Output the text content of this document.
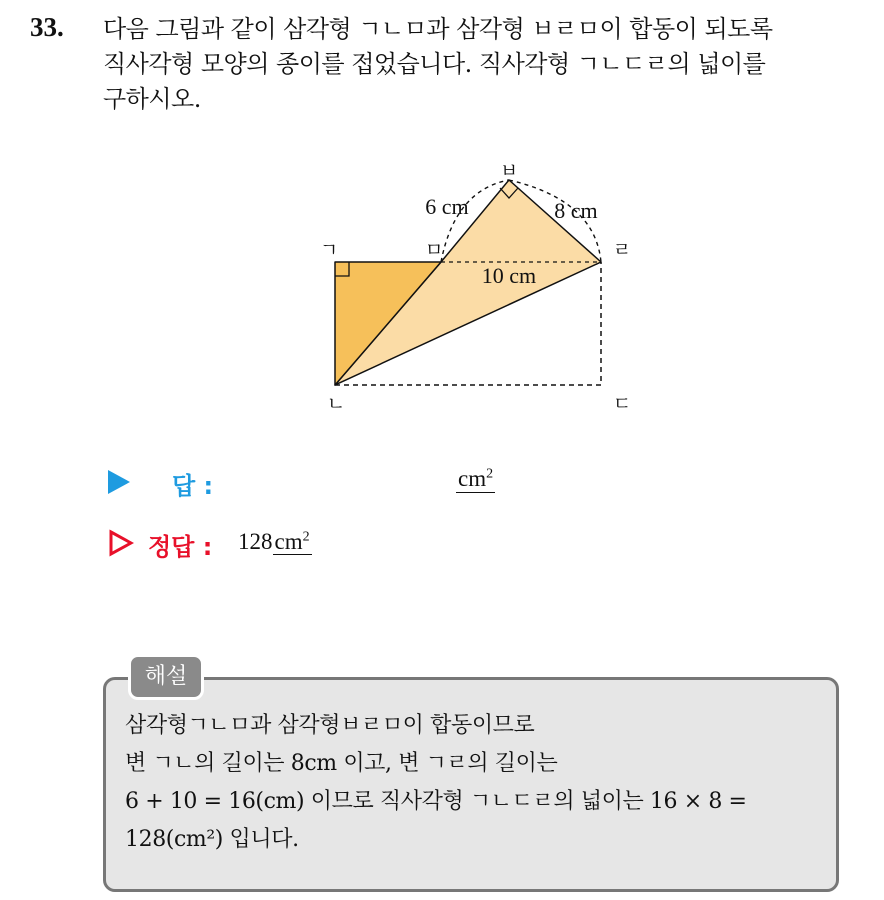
33. 다음 그림과 같이 삼각형 ㄱㄴㅁ과 삼각형 ㅂㄹㅁ이 합동이 되도록
직사각형 모양의 종이를 접었습니다. 직사각형 ㄱㄴㄷㄹ의 넓이를
구하시오.
ㄱ	ㅁ
ㅂ
ㄹ
ㄴ	ㄷ
6 cm	8 cm
10 cm
답 :	$cm^2$
정답 : $128cm^2$
해설
삼각형ㄱㄴㅁ과 삼각형ㅂㄹㅁ이 합동이므로
변 ㄱㄴ의 길이는 8cm 이고, 변 ㄱㄹ의 길이는
6 + 10 = 16(cm) 이므로 직사각형 ㄱㄴㄷㄹ의 넓이는 16 × 8 =
128(cm²) 입니다.
